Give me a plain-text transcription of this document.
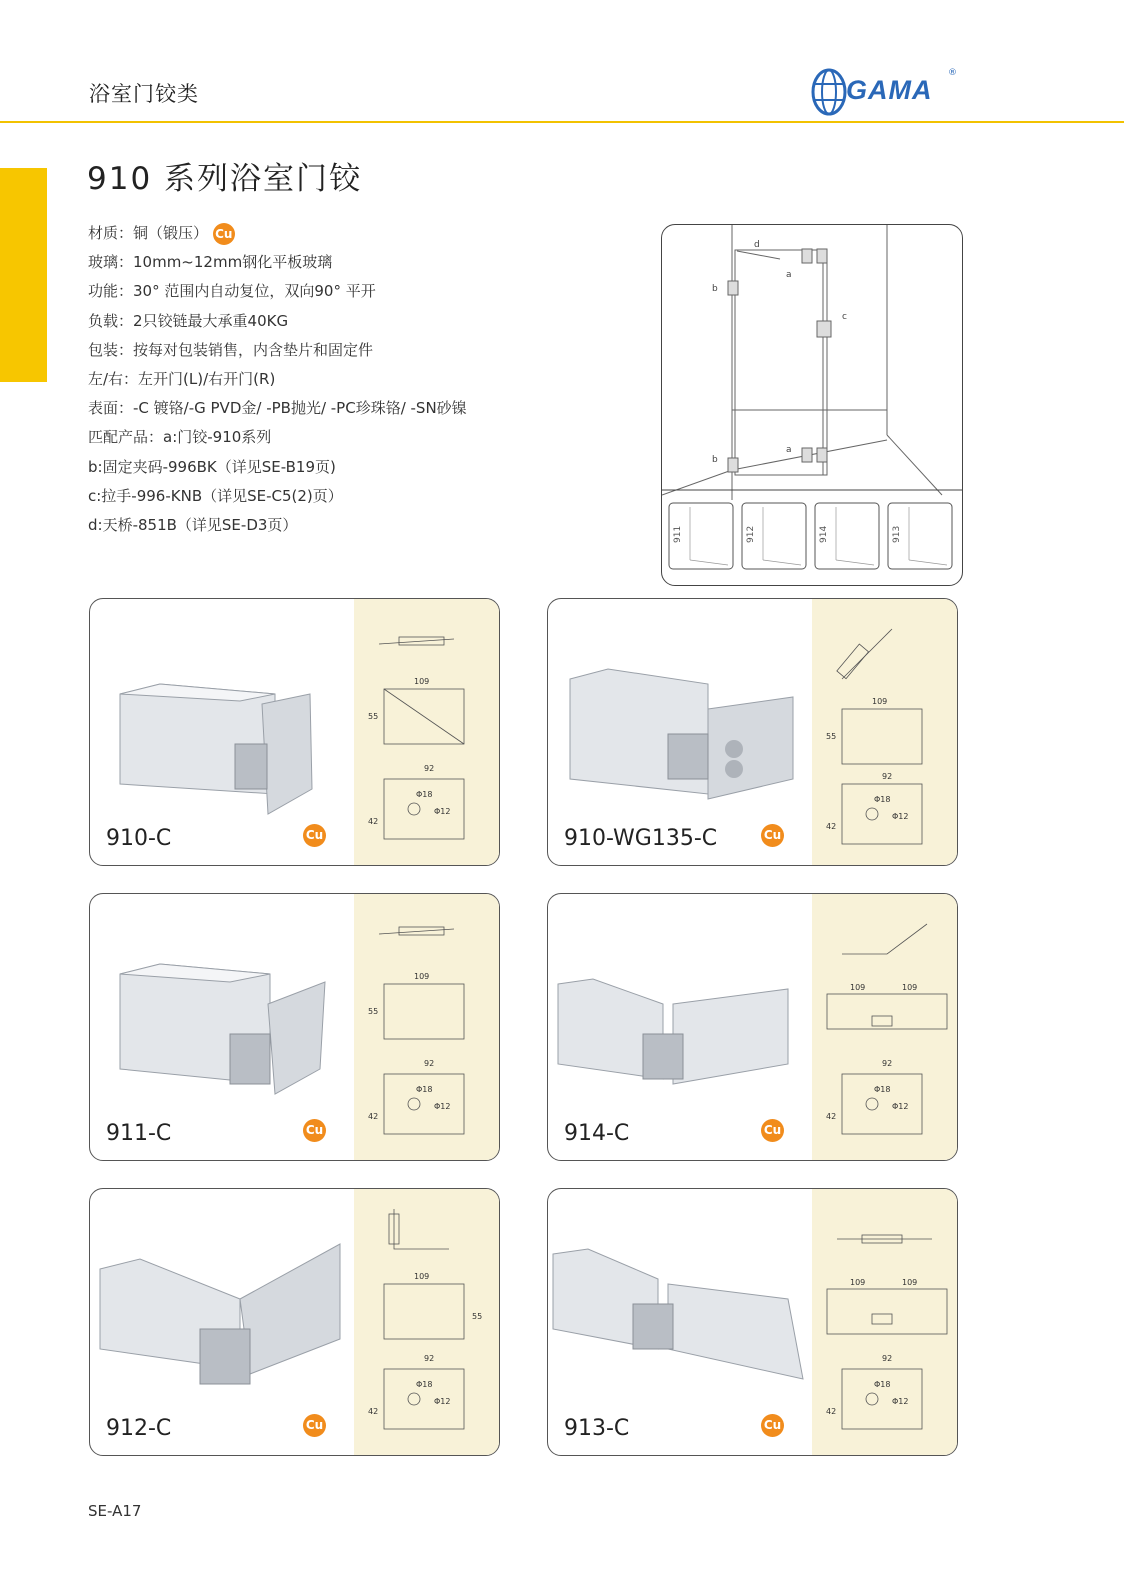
浴室门铰类	GAMA
®
910 系列浴室门铰
材质：铜（锻压） Cu
玻璃：10mm~12mm钢化平板玻璃
功能：30° 范围内自动复位，双向90° 平开
负载：2只铰链最大承重40KG
包装：按每对包装销售，内含垫片和固定件
左/右：左开门(L)/右开门(R)
表面：-C 镀铬/-G PVD金/ -PB抛光/ -PC珍珠铬/ -SN砂镍
匹配产品：a:门铰-910系列
b:固定夹码-996BK（详见SE-B19页)
c:拉手-996-KNB（详见SE-C5(2)页）
d:天桥-851B（详见SE-D3页）
d
a
b
c
b
a
911	912	914	913
109
55
92
42
Φ18
Φ12
910-C	Cu
109
55
92
42
Φ18
Φ12
910-WG135-C	Cu
109
55
92
42
Φ18
Φ12
911-C	Cu
109	109
92
42
Φ18
Φ12
914-C	Cu
109
55
92
42
Φ18
Φ12
912-C	Cu
109	109
92
42
Φ18
Φ12
913-C	Cu
SE-A17
